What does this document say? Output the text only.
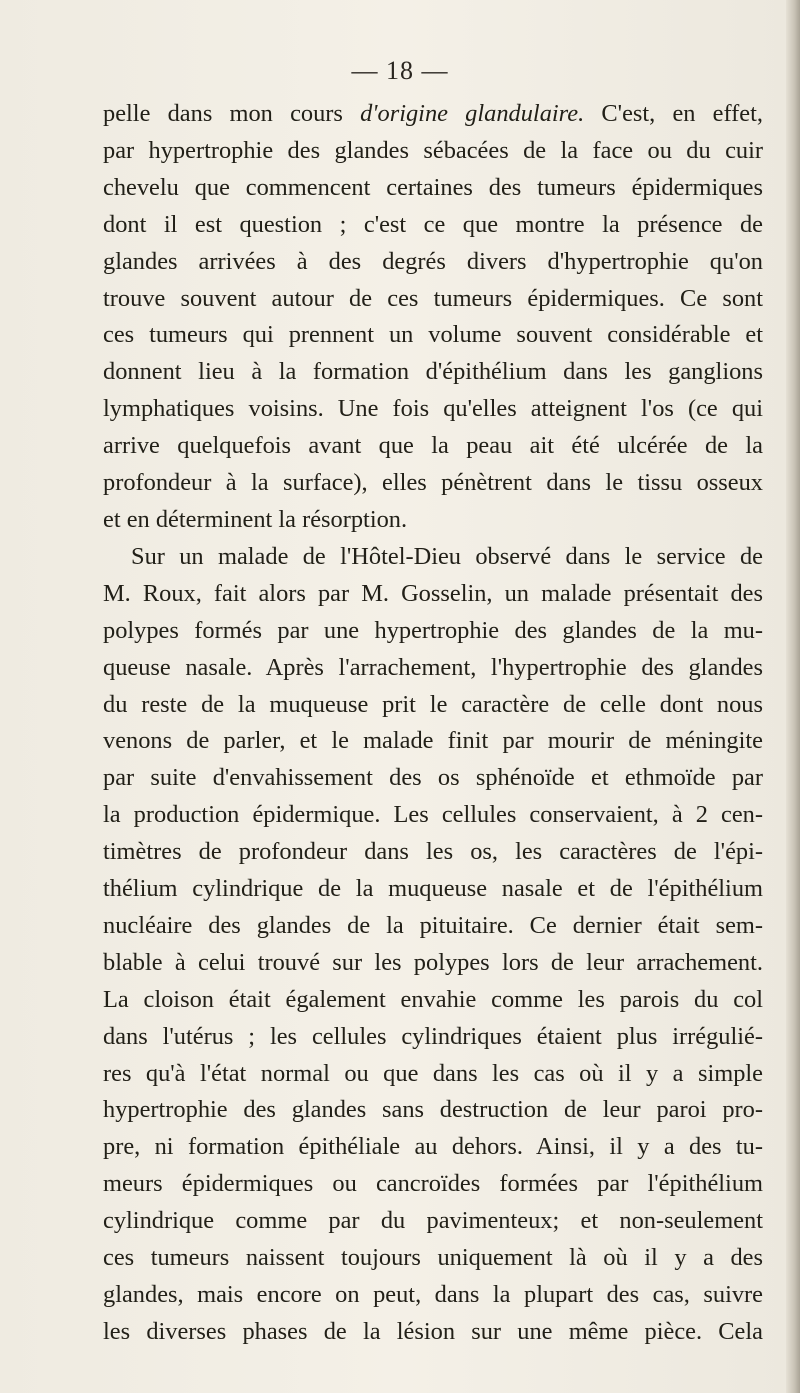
— 18 —
pelle dans mon cours d'origine glandulaire. C'est, en effet,
par hypertrophie des glandes sébacées de la face ou du cuir
chevelu que commencent certaines des tumeurs épidermiques
dont il est question ; c'est ce que montre la présence de
glandes arrivées à des degrés divers d'hypertrophie qu'on
trouve souvent autour de ces tumeurs épidermiques. Ce sont
ces tumeurs qui prennent un volume souvent considérable et
donnent lieu à la formation d'épithélium dans les ganglions
lymphatiques voisins. Une fois qu'elles atteignent l'os (ce qui
arrive quelquefois avant que la peau ait été ulcérée de la
profondeur à la surface), elles pénètrent dans le tissu osseux
et en déterminent la résorption.
Sur un malade de l'Hôtel-Dieu observé dans le service de
M. Roux, fait alors par M. Gosselin, un malade présentait des
polypes formés par une hypertrophie des glandes de la mu-
queuse nasale. Après l'arrachement, l'hypertrophie des glandes
du reste de la muqueuse prit le caractère de celle dont nous
venons de parler, et le malade finit par mourir de méningite
par suite d'envahissement des os sphénoïde et ethmoïde par
la production épidermique. Les cellules conservaient, à 2 cen-
timètres de profondeur dans les os, les caractères de l'épi-
thélium cylindrique de la muqueuse nasale et de l'épithélium
nucléaire des glandes de la pituitaire. Ce dernier était sem-
blable à celui trouvé sur les polypes lors de leur arrachement.
La cloison était également envahie comme les parois du col
dans l'utérus ; les cellules cylindriques étaient plus irrégulié-
res qu'à l'état normal ou que dans les cas où il y a simple
hypertrophie des glandes sans destruction de leur paroi pro-
pre, ni formation épithéliale au dehors. Ainsi, il y a des tu-
meurs épidermiques ou cancroïdes formées par l'épithélium
cylindrique comme par du pavimenteux; et non-seulement
ces tumeurs naissent toujours uniquement là où il y a des
glandes, mais encore on peut, dans la plupart des cas, suivre
les diverses phases de la lésion sur une même pièce. Cela
